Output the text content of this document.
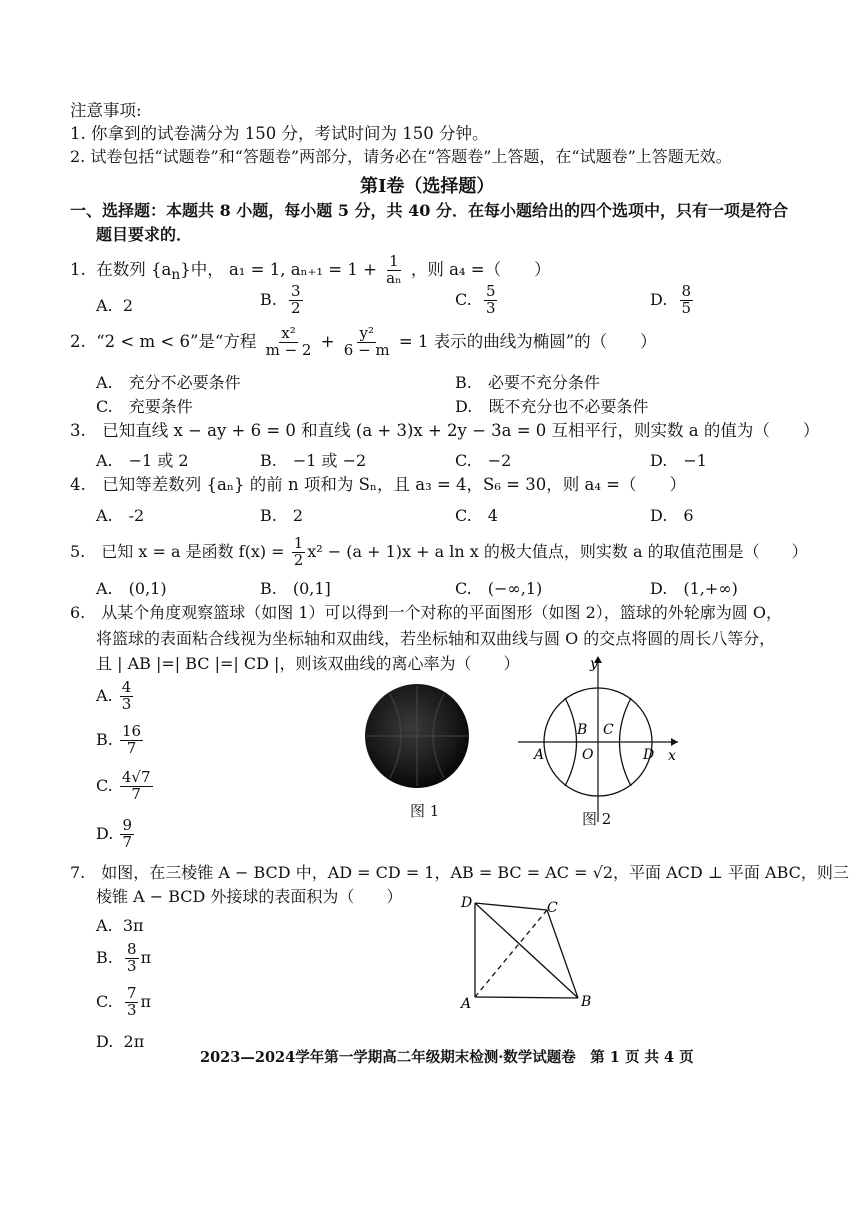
注意事项:
1. 你拿到的试卷满分为 150 分，考试时间为 150 分钟。
2. 试卷包括“试题卷”和“答题卷”两部分，请务必在“答题卷”上答题，在“试题卷”上答题无效。
第Ⅰ卷（选择题）
一、选择题：本题共 8 小题，每小题 5 分，共 40 分．在每小题给出的四个选项中，只有一项是符合
题目要求的．
1. 在数列 $\{a_n\}$中， a₁ = 1, $a_{n+1} = 1 + \frac{1}{\text{aₙ}}$ ，则 a₄ =（　　）
A. 2	B. $\frac{3}{2}$	C. $\frac{5}{3}$	D. $\frac{8}{5}$
2. “2 < m < 6”是“方程 $\frac{\text{x²}}{m - 2} + \frac{\text{y²}}{6 - m} = 1$ 表示的曲线为椭圆”的（　　）
A.　充分不必要条件	B.　必要不充分条件
C.　充要条件	D.　既不充分也不必要条件
3.　已知直线 x − ay + 6 = 0 和直线 (a + 3)x + 2y − 3a = 0 互相平行，则实数 a 的值为（　　）
A.　−1 或 2	B.　−1 或 −2	C.　−2	D.　−1
4.　已知等差数列 {aₙ} 的前 n 项和为 Sₙ，且 a₃ = 4，S₆ = 30，则 a₄ =（　　）
A.　-2	B.　2	C.　4	D.　6
5.　已知 x = a 是函数 $f(x) = \frac{1}{2} x^2 - (a + 1)x + a$ ln x 的极大值点，则实数 a 的取值范围是（　　）
A.　(0,1)	B.　(0,1]	C.　(−∞,1)	D.　(1,+∞)
6.　从某个角度观察篮球（如图 1）可以得到一个对称的平面图形（如图 2），篮球的外轮廓为圆 O，
将篮球的表面粘合线视为坐标轴和双曲线，若坐标轴和双曲线与圆 O 的交点将圆的周长八等分，
且 | AB |=| BC |=| CD |，则该双曲线的离心率为（　　）
A. $\frac{4}{3}$
B. $\frac{16}{7}$
C. $\frac{4√7}{7}$
D. $\frac{9}{7}$
图 1
y
x
A
B
O
C
D
图 2
7.　如图，在三棱锥 A − BCD 中，AD = CD = 1，AB = BC = AC = √2，平面 ACD ⊥ 平面 ABC，则三
棱锥 A − BCD 外接球的表面积为（　　）
A. 3π
B. $\frac{8}{3}$ π
C. $\frac{7}{3}$ π
D. 2π
D	C
A	B
2023—2024学年第一学期高二年级期末检测·数学试题卷　第 1 页 共 4 页
